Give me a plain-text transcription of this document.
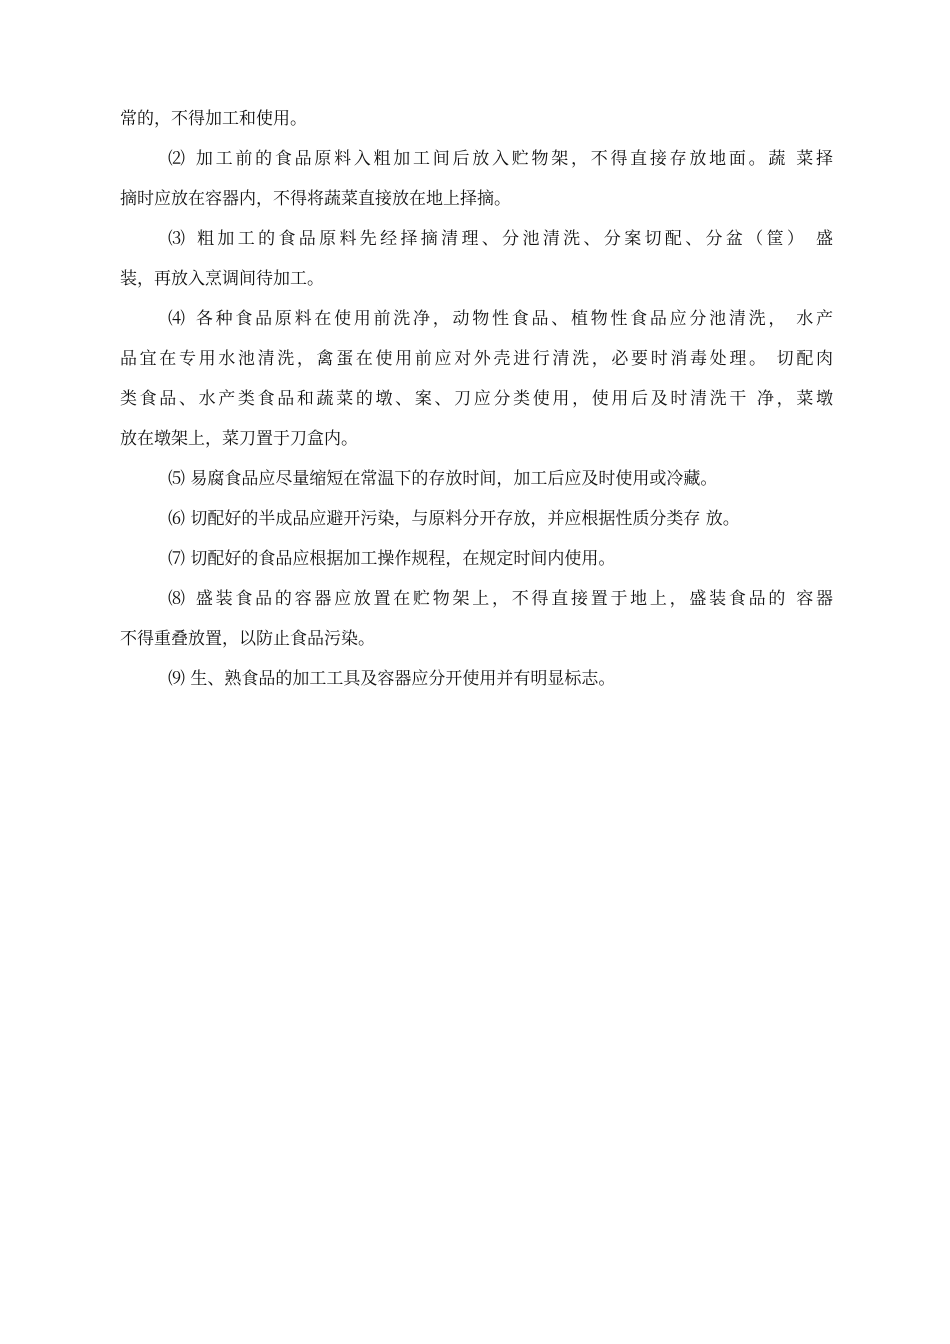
常的，不得加工和使用。
⑵ 加工前的食品原料入粗加工间后放入贮物架，不得直接存放地面。蔬 菜择
摘时应放在容器内，不得将蔬菜直接放在地上择摘。
⑶ 粗加工的食品原料先经择摘清理、分池清洗、分案切配、分盆（筐） 盛
装，再放入烹调间待加工。
⑷ 各种食品原料在使用前洗净，动物性食品、植物性食品应分池清洗， 水产
品宜在专用水池清洗，禽蛋在使用前应对外壳进行清洗，必要时消毒处理。 切配肉
类食品、水产类食品和蔬菜的墩、案、刀应分类使用，使用后及时清洗干 净，菜墩
放在墩架上，菜刀置于刀盒内。
⑸ 易腐食品应尽量缩短在常温下的存放时间，加工后应及时使用或冷藏。
⑹ 切配好的半成品应避开污染，与原料分开存放，并应根据性质分类存 放。
⑺ 切配好的食品应根据加工操作规程，在规定时间内使用。
⑻ 盛装食品的容器应放置在贮物架上，不得直接置于地上，盛装食品的 容器
不得重叠放置，以防止食品污染。
⑼ 生、熟食品的加工工具及容器应分开使用并有明显标志。
